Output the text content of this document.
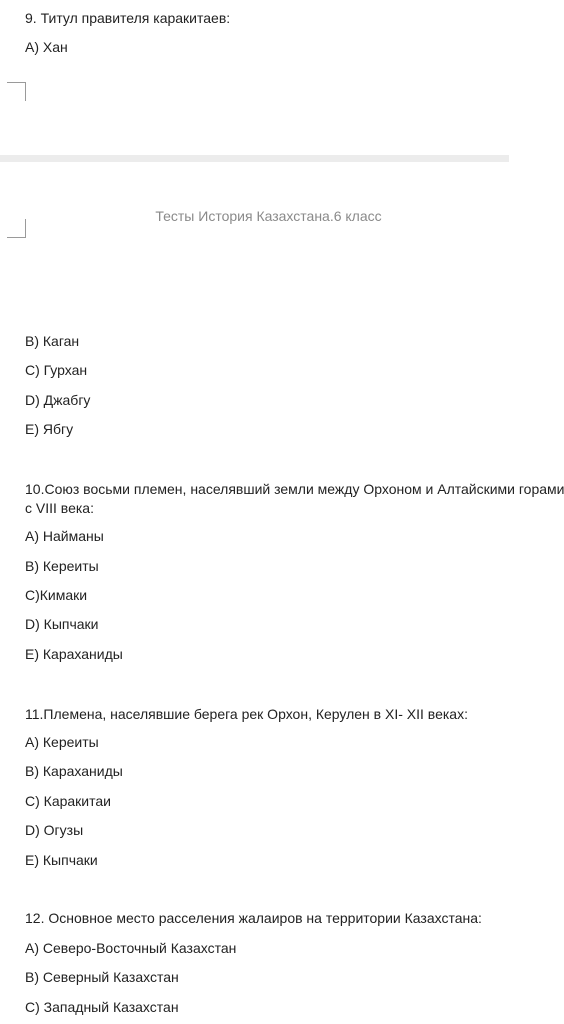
9. Титул правителя каракитаев:
А) Хан
Тесты История Казахстана.6 класс
В) Каган
С) Гурхан
D) Джабгу
Е) Ябгу
10.Союз восьми племен, населявший земли между Орхоном и Алтайскими горами
с VIII века:
А) Найманы
В) Кереиты
С)Кимаки
D) Кыпчаки
Е) Караханиды
11.Племена, населявшие берега рек Орхон, Керулен в XI- XII веках:
А) Кереиты
В) Караханиды
С) Каракитаи
D) Огузы
Е) Кыпчаки
12. Основное место расселения жалаиров на территории Казахстана:
А) Северо-Восточный Казахстан
В) Северный Казахстан
С) Западный Казахстан
